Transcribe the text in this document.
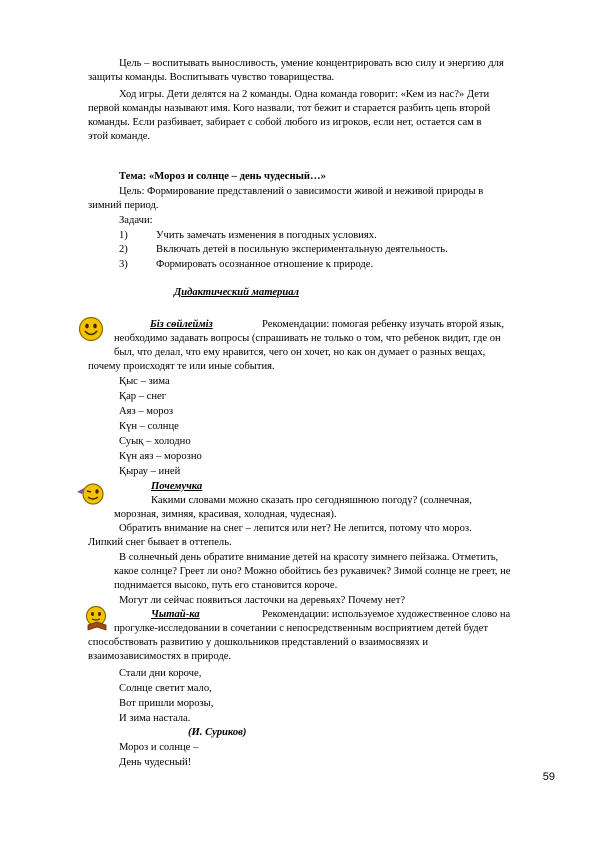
Цель – воспитывать выносливость, умение концентрировать всю силу и энергию для
защиты команды. Воспитывать чувство товарищества.
Ход игры. Дети делятся на 2 команды. Одна команда говорит: «Кем из нас?» Дети
первой команды называют имя. Кого назвали, тот бежит и старается разбить цепь второй
команды. Если разбивает, забирает с собой любого из игроков, если нет, остается сам в
этой команде.
Тема: «Мороз и солнце – день чудесный…»
Цель: Формирование представлений о зависимости живой и неживой природы в
зимний период.
Задачи:
1)	Учить замечать изменения в погодных условиях.
2)	Включать детей в посильную экспериментальную деятельность.
3)	Формировать осознанное отношение к природе.
Дидактический материал
Біз сөйлейміз	Рекомендации: помогая ребенку изучать второй язык,
необходимо задавать вопросы (спрашивать не только о том, что ребенок видит, где он
был, что делал, что ему нравится, чего он хочет, но как он думает о разных вещах,
почему происходят те или иные события.
Қыс – зима
Қар – снег
Аяз – мороз
Күн – солнце
Суық – холодно
Күн аяз – морозно
Қырау – иней
Почемучка
Какими словами можно сказать про сегодняшнюю погоду? (солнечная,
морозная, зимняя, красивая, холодная, чудесная).
Обратить внимание на снег – лепится или нет? Не лепится, потому что мороз.
Липкий снег бывает в оттепель.
В солнечный день обратите внимание детей на красоту зимнего пейзажа. Отметить,
какое солнце? Греет ли оно? Можно обойтись без рукавичек? Зимой солнце не греет, не
поднимается высоко, путь его становится короче.
Могут ли сейчас появиться ласточки на деревьях? Почему нет?
Чытай-ка	Рекомендации: используемое художественное слово на
прогулке-исследовании в сочетании с непосредственным восприятием детей будет
способствовать развитию у дошкольников представлений о взаимосвязях и
взаимозависимостях в природе.
Стали дни короче,
Солнце светит мало,
Вот пришли морозы,
И зима настала.
(И. Суриков)
Мороз и солнце –
День чудесный!
59
